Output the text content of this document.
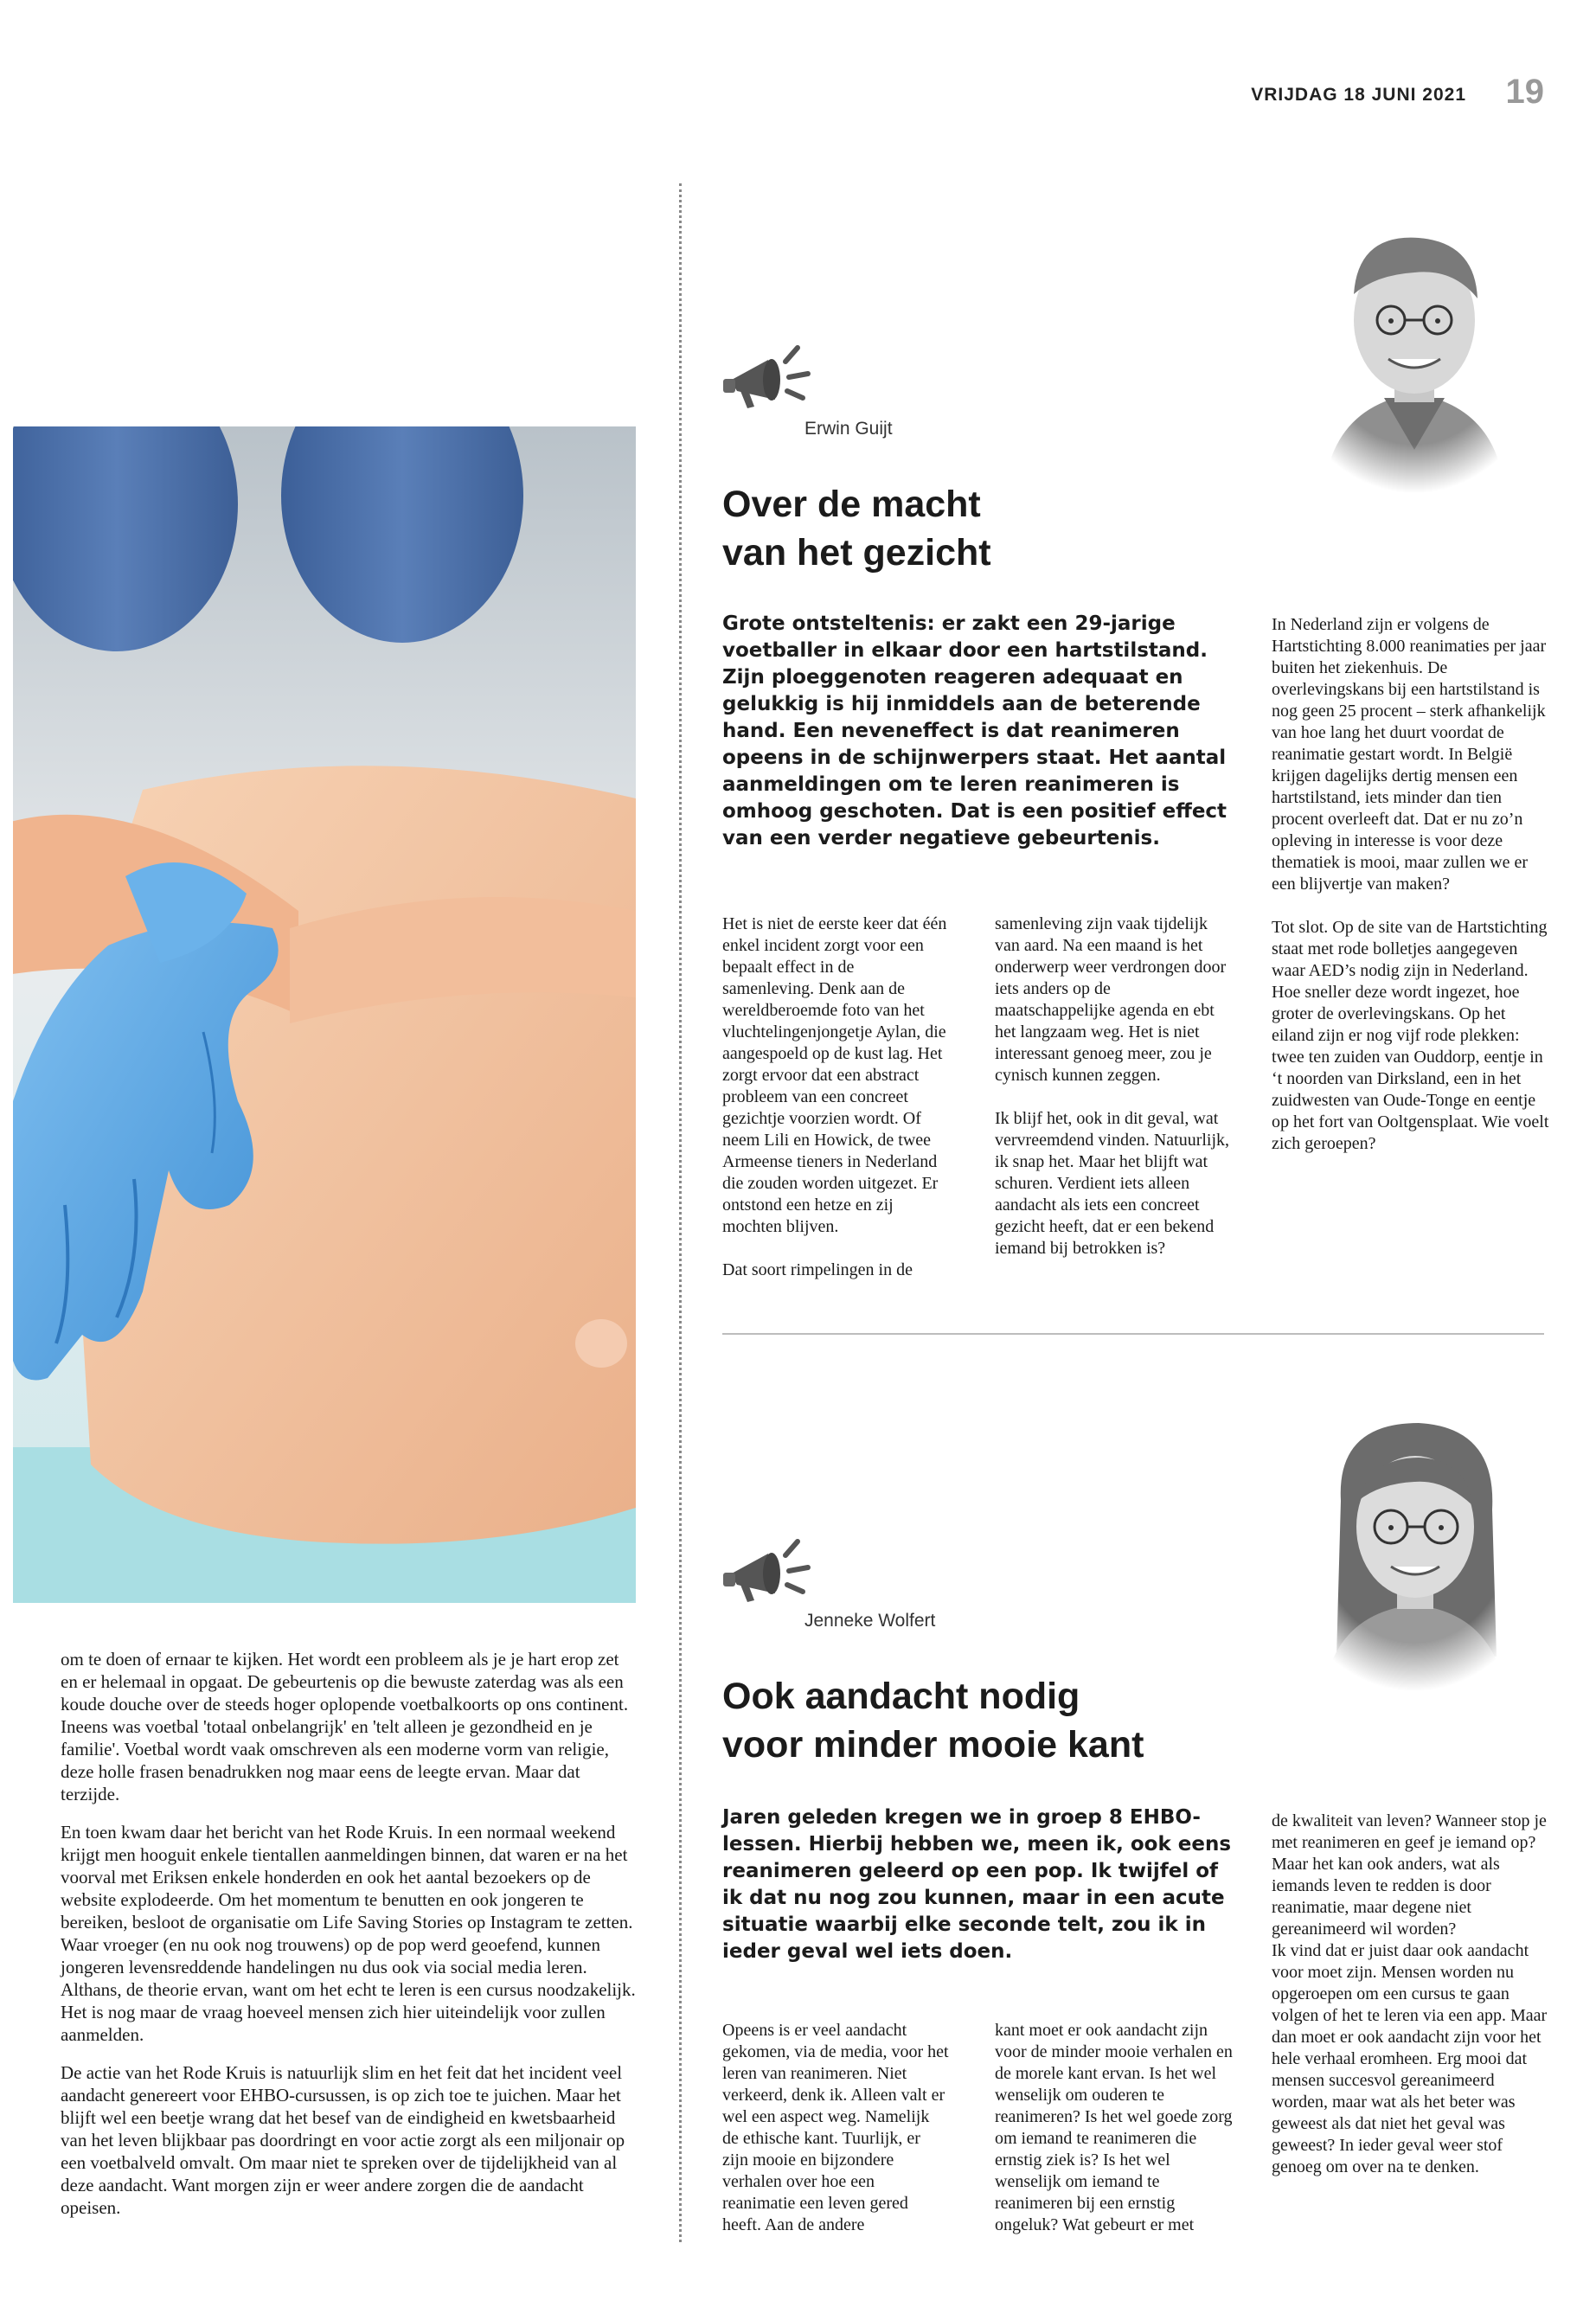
VRIJDAG 18 JUNI 2021 19

om te doen of ernaar te kijken. Het wordt een probleem als je je hart erop zet en er helemaal in opgaat. De gebeurtenis op die bewuste zaterdag was als een koude douche over de steeds hoger oplopende voetbalkoorts op ons continent. Ineens was voetbal 'totaal onbelangrijk' en 'telt alleen je gezondheid en je familie'. Voetbal wordt vaak omschreven als een moderne vorm van religie, deze holle frasen benadrukken nog maar eens de leegte ervan. Maar dat terzijde.

En toen kwam daar het bericht van het Rode Kruis. In een normaal weekend krijgt men hooguit enkele tientallen aanmeldingen binnen, dat waren er na het voorval met Eriksen enkele honderden en ook het aantal bezoekers op de website explodeerde. Om het momentum te benutten en ook jongeren te bereiken, besloot de organisatie om Life Saving Stories op Instagram te zetten. Waar vroeger (en nu ook nog trouwens) op de pop werd geoefend, kunnen jongeren levensreddende handelingen nu dus ook via social media leren. Althans, de theorie ervan, want om het echt te leren is een cursus noodzakelijk. Het is nog maar de vraag hoeveel mensen zich hier uiteindelijk voor zullen aanmelden.

De actie van het Rode Kruis is natuurlijk slim en het feit dat het incident veel aandacht genereert voor EHBO-cursussen, is op zich toe te juichen. Maar het blijft wel een beetje wrang dat het besef van de eindigheid en kwetsbaarheid van het leven blijkbaar pas doordringt en voor actie zorgt als een miljonair op een voetbalveld omvalt. Om maar niet te spreken over de tijdelijkheid van al deze aandacht. Want morgen zijn er weer andere zorgen die de aandacht opeisen.

Erwin Guijt
Over de macht
van het gezicht
Grote ontsteltenis: er zakt een 29-jarige voetballer in elkaar door een hartstilstand. Zijn ploeggenoten reageren adequaat en gelukkig is hij inmiddels aan de beterende hand. Een neveneffect is dat reanimeren opeens in de schijnwerpers staat. Het aantal aanmeldingen om te leren reanimeren is omhoog geschoten. Dat is een positief effect van een verder negatieve gebeurtenis.

Het is niet de eerste keer dat één enkel incident zorgt voor een bepaalt effect in de samenleving. Denk aan de wereldberoemde foto van het vluchtelingenjongetje Aylan, die aangespoeld op de kust lag. Het zorgt ervoor dat een abstract probleem van een concreet gezichtje voorzien wordt. Of neem Lili en Howick, de twee Armeense tieners in Nederland die zouden worden uitgezet. Er ontstond een hetze en zij mochten blijven.

Dat soort rimpelingen in de

samenleving zijn vaak tijdelijk van aard. Na een maand is het onderwerp weer verdrongen door iets anders op de maatschappelijke agenda en ebt het langzaam weg. Het is niet interessant genoeg meer, zou je cynisch kunnen zeggen.

Ik blijf het, ook in dit geval, wat vervreemdend vinden. Natuurlijk, ik snap het. Maar het blijft wat schuren. Verdient iets alleen aandacht als iets een concreet gezicht heeft, dat er een bekend iemand bij betrokken is?

In Nederland zijn er volgens de Hartstichting 8.000 reanimaties per jaar buiten het ziekenhuis. De overlevingskans bij een hartstilstand is nog geen 25 procent – sterk afhankelijk van hoe lang het duurt voordat de reanimatie gestart wordt. In België krijgen dagelijks dertig mensen een hartstilstand, iets minder dan tien procent overleeft dat. Dat er nu zo’n opleving in interesse is voor deze thematiek is mooi, maar zullen we er een blijvertje van maken?

Tot slot. Op de site van de Hartstichting staat met rode bolletjes aangegeven waar AED’s nodig zijn in Nederland. Hoe sneller deze wordt ingezet, hoe groter de overlevingskans. Op het eiland zijn er nog vijf rode plekken: twee ten zuiden van Ouddorp, eentje in ‘t noorden van Dirksland, een in het zuidwesten van Oude-Tonge en eentje op het fort van Ooltgensplaat. Wie voelt zich geroepen?

Jenneke Wolfert
Ook aandacht nodig
voor minder mooie kant
Jaren geleden kregen we in groep 8 EHBO-lessen. Hierbij hebben we, meen ik, ook eens reanimeren geleerd op een pop. Ik twijfel of ik dat nu nog zou kunnen, maar in een acute situatie waarbij elke seconde telt, zou ik in ieder geval wel iets doen.

Opeens is er veel aandacht gekomen, via de media, voor het leren van reanimeren. Niet verkeerd, denk ik. Alleen valt er wel een aspect weg. Namelijk de ethische kant. Tuurlijk, er zijn mooie en bijzondere verhalen over hoe een reanimatie een leven gered heeft. Aan de andere

kant moet er ook aandacht zijn voor de minder mooie verhalen en de morele kant ervan. Is het wel wenselijk om ouderen te reanimeren? Is het wel goede zorg om iemand te reanimeren die ernstig ziek is? Is het wel wenselijk om iemand te reanimeren bij een ernstig ongeluk? Wat gebeurt er met

de kwaliteit van leven? Wanneer stop je met reanimeren en geef je iemand op? Maar het kan ook anders, wat als iemands leven te redden is door reanimatie, maar degene niet gereanimeerd wil worden?

Ik vind dat er juist daar ook aandacht voor moet zijn. Mensen worden nu opgeroepen om een cursus te gaan volgen of het te leren via een app. Maar dan moet er ook aandacht zijn voor het hele verhaal eromheen. Erg mooi dat mensen succesvol gereanimeerd worden, maar wat als het beter was geweest als dat niet het geval was geweest? In ieder geval weer stof genoeg om over na te denken.
